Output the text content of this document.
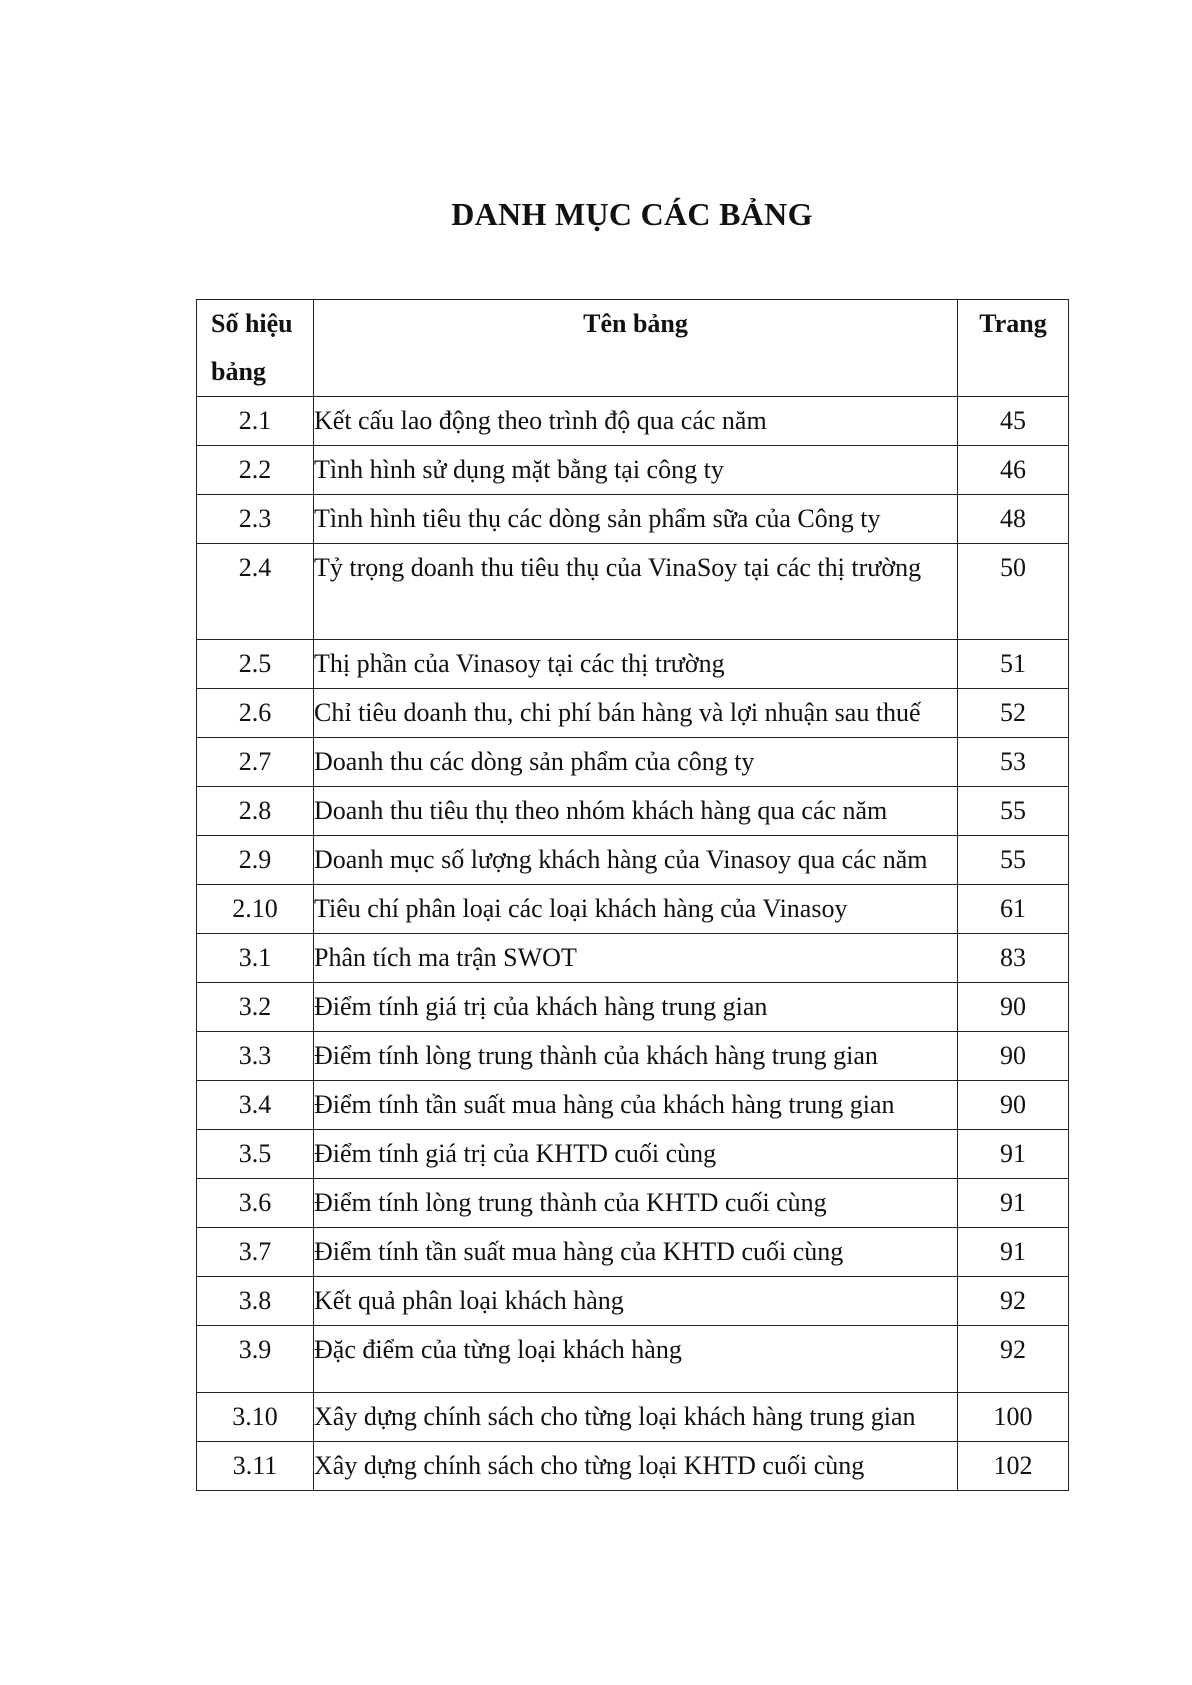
DANH MỤC CÁC BẢNG
Số hiệu bảng	Tên bảng	Trang
2.1	Kết cấu lao động theo trình độ qua các năm	45
2.2	Tình hình sử dụng mặt bằng tại công ty	46
2.3	Tình hình tiêu thụ các dòng sản phẩm sữa của Công ty	48
2.4	Tỷ trọng doanh thu tiêu thụ của VinaSoy tại các thị trường	50
2.5	Thị phần của Vinasoy tại các thị trường	51
2.6	Chỉ tiêu doanh thu, chi phí bán hàng và lợi nhuận sau thuế	52
2.7	Doanh thu các dòng sản phẩm của công ty	53
2.8	Doanh thu tiêu thụ theo nhóm khách hàng qua các năm	55
2.9	Doanh mục số lượng khách hàng của Vinasoy qua các năm	55
2.10	Tiêu chí phân loại các loại khách hàng của Vinasoy	61
3.1	Phân tích ma trận SWOT	83
3.2	Điểm tính giá trị của khách hàng trung gian	90
3.3	Điểm tính lòng trung thành của khách hàng trung gian	90
3.4	Điểm tính tần suất mua hàng của khách hàng trung gian	90
3.5	Điểm tính giá trị của KHTD cuối cùng	91
3.6	Điểm tính lòng trung thành của KHTD cuối cùng	91
3.7	Điểm tính tần suất mua hàng của KHTD cuối cùng	91
3.8	Kết quả phân loại khách hàng	92
3.9	Đặc điểm của từng loại khách hàng	92
3.10	Xây dựng chính sách cho từng loại khách hàng trung gian	100
3.11	Xây dựng chính sách cho từng loại KHTD cuối cùng	102
